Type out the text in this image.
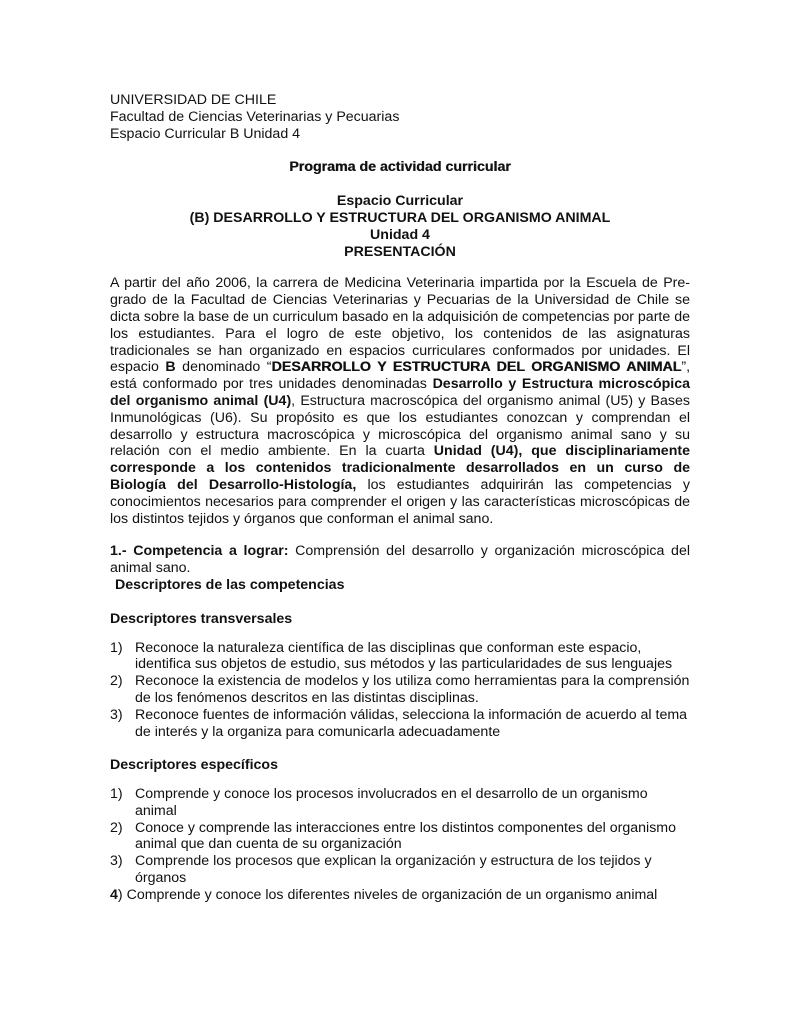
UNIVERSIDAD DE CHILE

Facultad de Ciencias Veterinarias y Pecuarias

Espacio Curricular B Unidad 4

Programa de actividad curricular

Espacio Curricular
(B) DESARROLLO Y ESTRUCTURA DEL ORGANISMO ANIMAL
Unidad 4
PRESENTACIÓN

A partir del año 2006, la carrera de Medicina Veterinaria impartida por la Escuela de Pre-grado de la Facultad de Ciencias Veterinarias y Pecuarias de la Universidad de Chile se dicta sobre la base de un curriculum basado en la adquisición de competencias por parte de los estudiantes. Para el logro de este objetivo, los contenidos de las asignaturas tradicionales se han organizado en espacios curriculares conformados por unidades. El espacio B denominado “DESARROLLO Y ESTRUCTURA DEL ORGANISMO ANIMAL”, está conformado por tres unidades denominadas Desarrollo y Estructura microscópica del organismo animal (U4), Estructura macroscópica del organismo animal (U5) y Bases Inmunológicas (U6). Su propósito es que los estudiantes conozcan y comprendan el desarrollo y estructura macroscópica y microscópica del organismo animal sano y su relación con el medio ambiente. En la cuarta Unidad (U4), que disciplinariamente corresponde a los contenidos tradicionalmente desarrollados en un curso de Biología del Desarrollo-Histología, los estudiantes adquirirán las competencias y conocimientos necesarios para comprender el origen y las características microscópicas de los distintos tejidos y órganos que conforman el animal sano.

1.- Competencia a lograr: Comprensión del desarrollo y organización microscópica del animal sano.

Descriptores de las competencias
Descriptores transversales
1) Reconoce la naturaleza científica de las disciplinas que conforman este espacio, identifica sus objetos de estudio, sus métodos y las particularidades de sus lenguajes
2) Reconoce la existencia de modelos y los utiliza como herramientas para la comprensión de los fenómenos descritos en las distintas disciplinas.
3) Reconoce fuentes de información válidas, selecciona la información de acuerdo al tema de interés y la organiza para comunicarla adecuadamente
Descriptores específicos
1) Comprende y conoce los procesos involucrados en el desarrollo de un organismo animal
2) Conoce y comprende las interacciones entre los distintos componentes del organismo animal que dan cuenta de su organización
3) Comprende los procesos que explican la organización y estructura de los tejidos y órganos

4) Comprende y conoce los diferentes niveles de organización de un organismo animal
